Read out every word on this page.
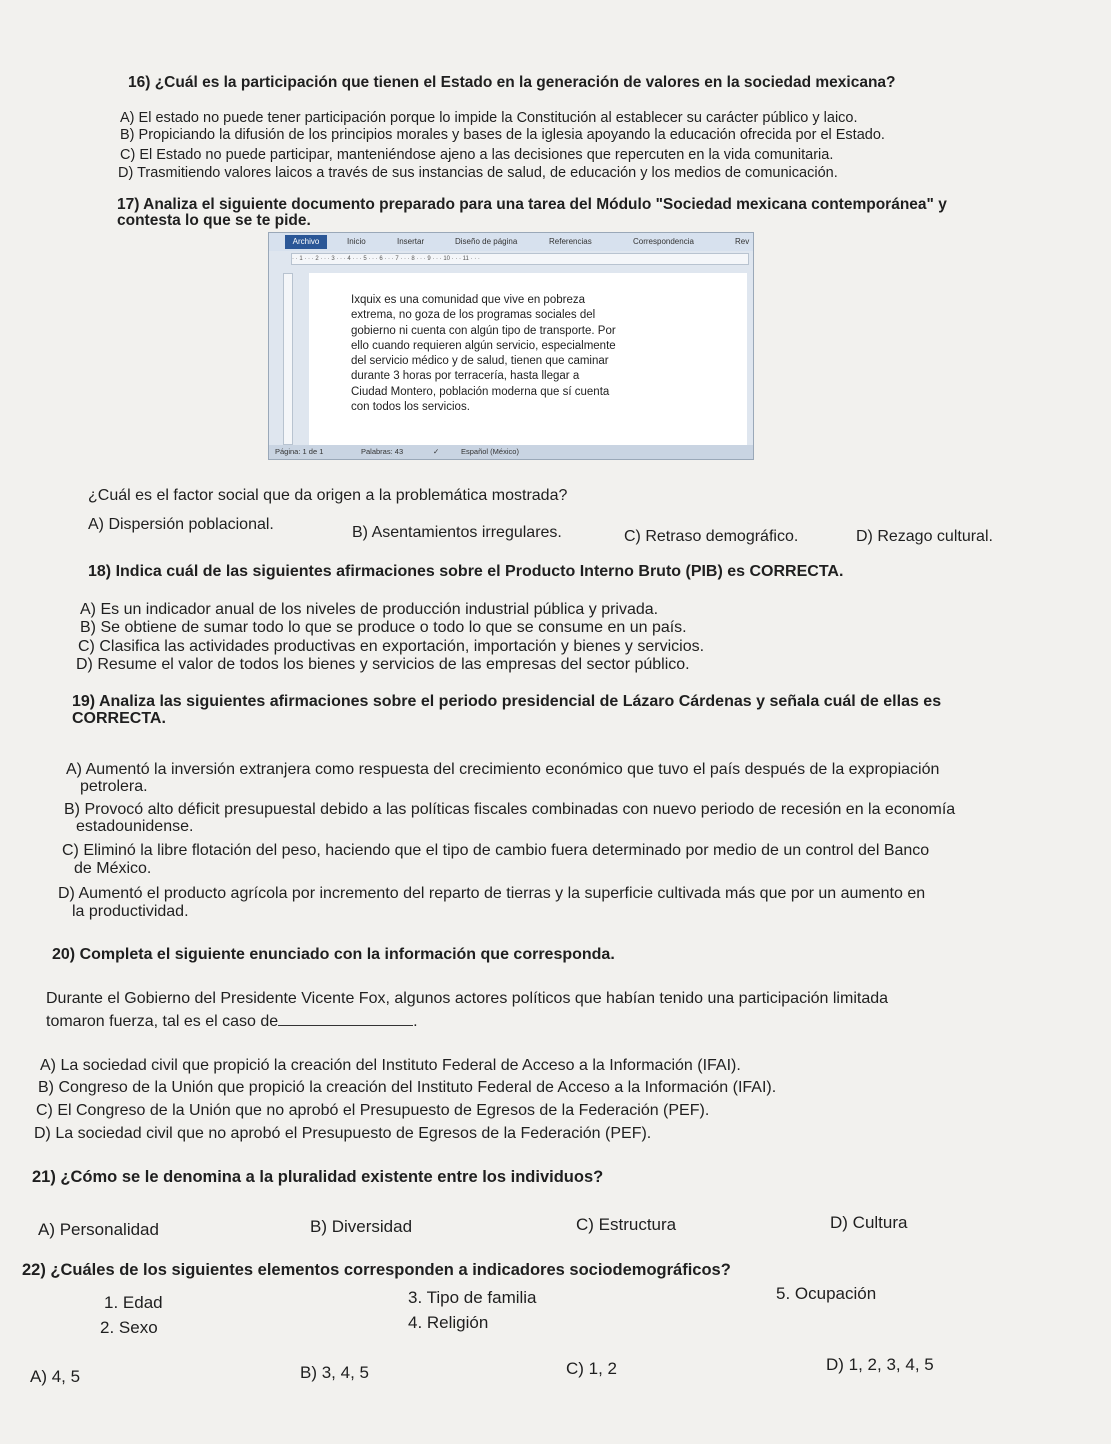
16) ¿Cuál es la participación que tienen el Estado en la generación de valores en la sociedad mexicana?
A) El estado no puede tener participación porque lo impide la Constitución al establecer su carácter público y laico.
B) Propiciando la difusión de los principios morales y bases de la iglesia apoyando la educación ofrecida por el Estado.
C) El Estado no puede participar, manteniéndose ajeno a las decisiones que repercuten en la vida comunitaria.
D) Trasmitiendo valores laicos a través de sus instancias de salud, de educación y los medios de comunicación.
17) Analiza el siguiente documento preparado para una tarea del Módulo "Sociedad mexicana contemporánea" y
contesta lo que se te pide.
Archivo	Inicio	Insertar	Diseño de página	Referencias	Correspondencia	Rev
· · 1 · · · 2 · · · 3 · · · 4 · · · 5 · · · 6 · · · 7 · · · 8 · · · 9 · · · 10 · · · 11 · · ·
Ixquix es una comunidad que vive en pobreza
extrema, no goza de los programas sociales del
gobierno ni cuenta con algún tipo de transporte. Por
ello cuando requieren algún servicio, especialmente
del servicio médico y de salud, tienen que caminar
durante 3 horas por terracería, hasta llegar a
Ciudad Montero, población moderna que sí cuenta
con todos los servicios.
Página: 1 de 1	Palabras: 43	✓	Español (México)
¿Cuál es el factor social que da origen a la problemática mostrada?
A) Dispersión poblacional.	B) Asentamientos irregulares.	C) Retraso demográfico.	D) Rezago cultural.
18) Indica cuál de las siguientes afirmaciones sobre el Producto Interno Bruto (PIB) es CORRECTA.
A) Es un indicador anual de los niveles de producción industrial pública y privada.
B) Se obtiene de sumar todo lo que se produce o todo lo que se consume en un país.
C) Clasifica las actividades productivas en exportación, importación y bienes y servicios.
D) Resume el valor de todos los bienes y servicios de las empresas del sector público.
19) Analiza las siguientes afirmaciones sobre el periodo presidencial de Lázaro Cárdenas y señala cuál de ellas es
CORRECTA.
A) Aumentó la inversión extranjera como respuesta del crecimiento económico que tuvo el país después de la expropiación
petrolera.
B) Provocó alto déficit presupuestal debido a las políticas fiscales combinadas con nuevo periodo de recesión en la economía
estadounidense.
C) Eliminó la libre flotación del peso, haciendo que el tipo de cambio fuera determinado por medio de un control del Banco
de México.
D) Aumentó el producto agrícola por incremento del reparto de tierras y la superficie cultivada más que por un aumento en
la productividad.
20) Completa el siguiente enunciado con la información que corresponda.
Durante el Gobierno del Presidente Vicente Fox, algunos actores políticos que habían tenido una participación limitada
tomaron fuerza, tal es el caso de	.
A) La sociedad civil que propició la creación del Instituto Federal de Acceso a la Información (IFAI).
B) Congreso de la Unión que propició la creación del Instituto Federal de Acceso a la Información (IFAI).
C) El Congreso de la Unión que no aprobó el Presupuesto de Egresos de la Federación (PEF).
D) La sociedad civil que no aprobó el Presupuesto de Egresos de la Federación (PEF).
21) ¿Cómo se le denomina a la pluralidad existente entre los individuos?
A) Personalidad	B) Diversidad	C) Estructura	D) Cultura
22) ¿Cuáles de los siguientes elementos corresponden a indicadores sociodemográficos?
1. Edad
2. Sexo
3. Tipo de familia
4. Religión
5. Ocupación
A) 4, 5	B) 3, 4, 5	C) 1, 2	D) 1, 2, 3, 4, 5
